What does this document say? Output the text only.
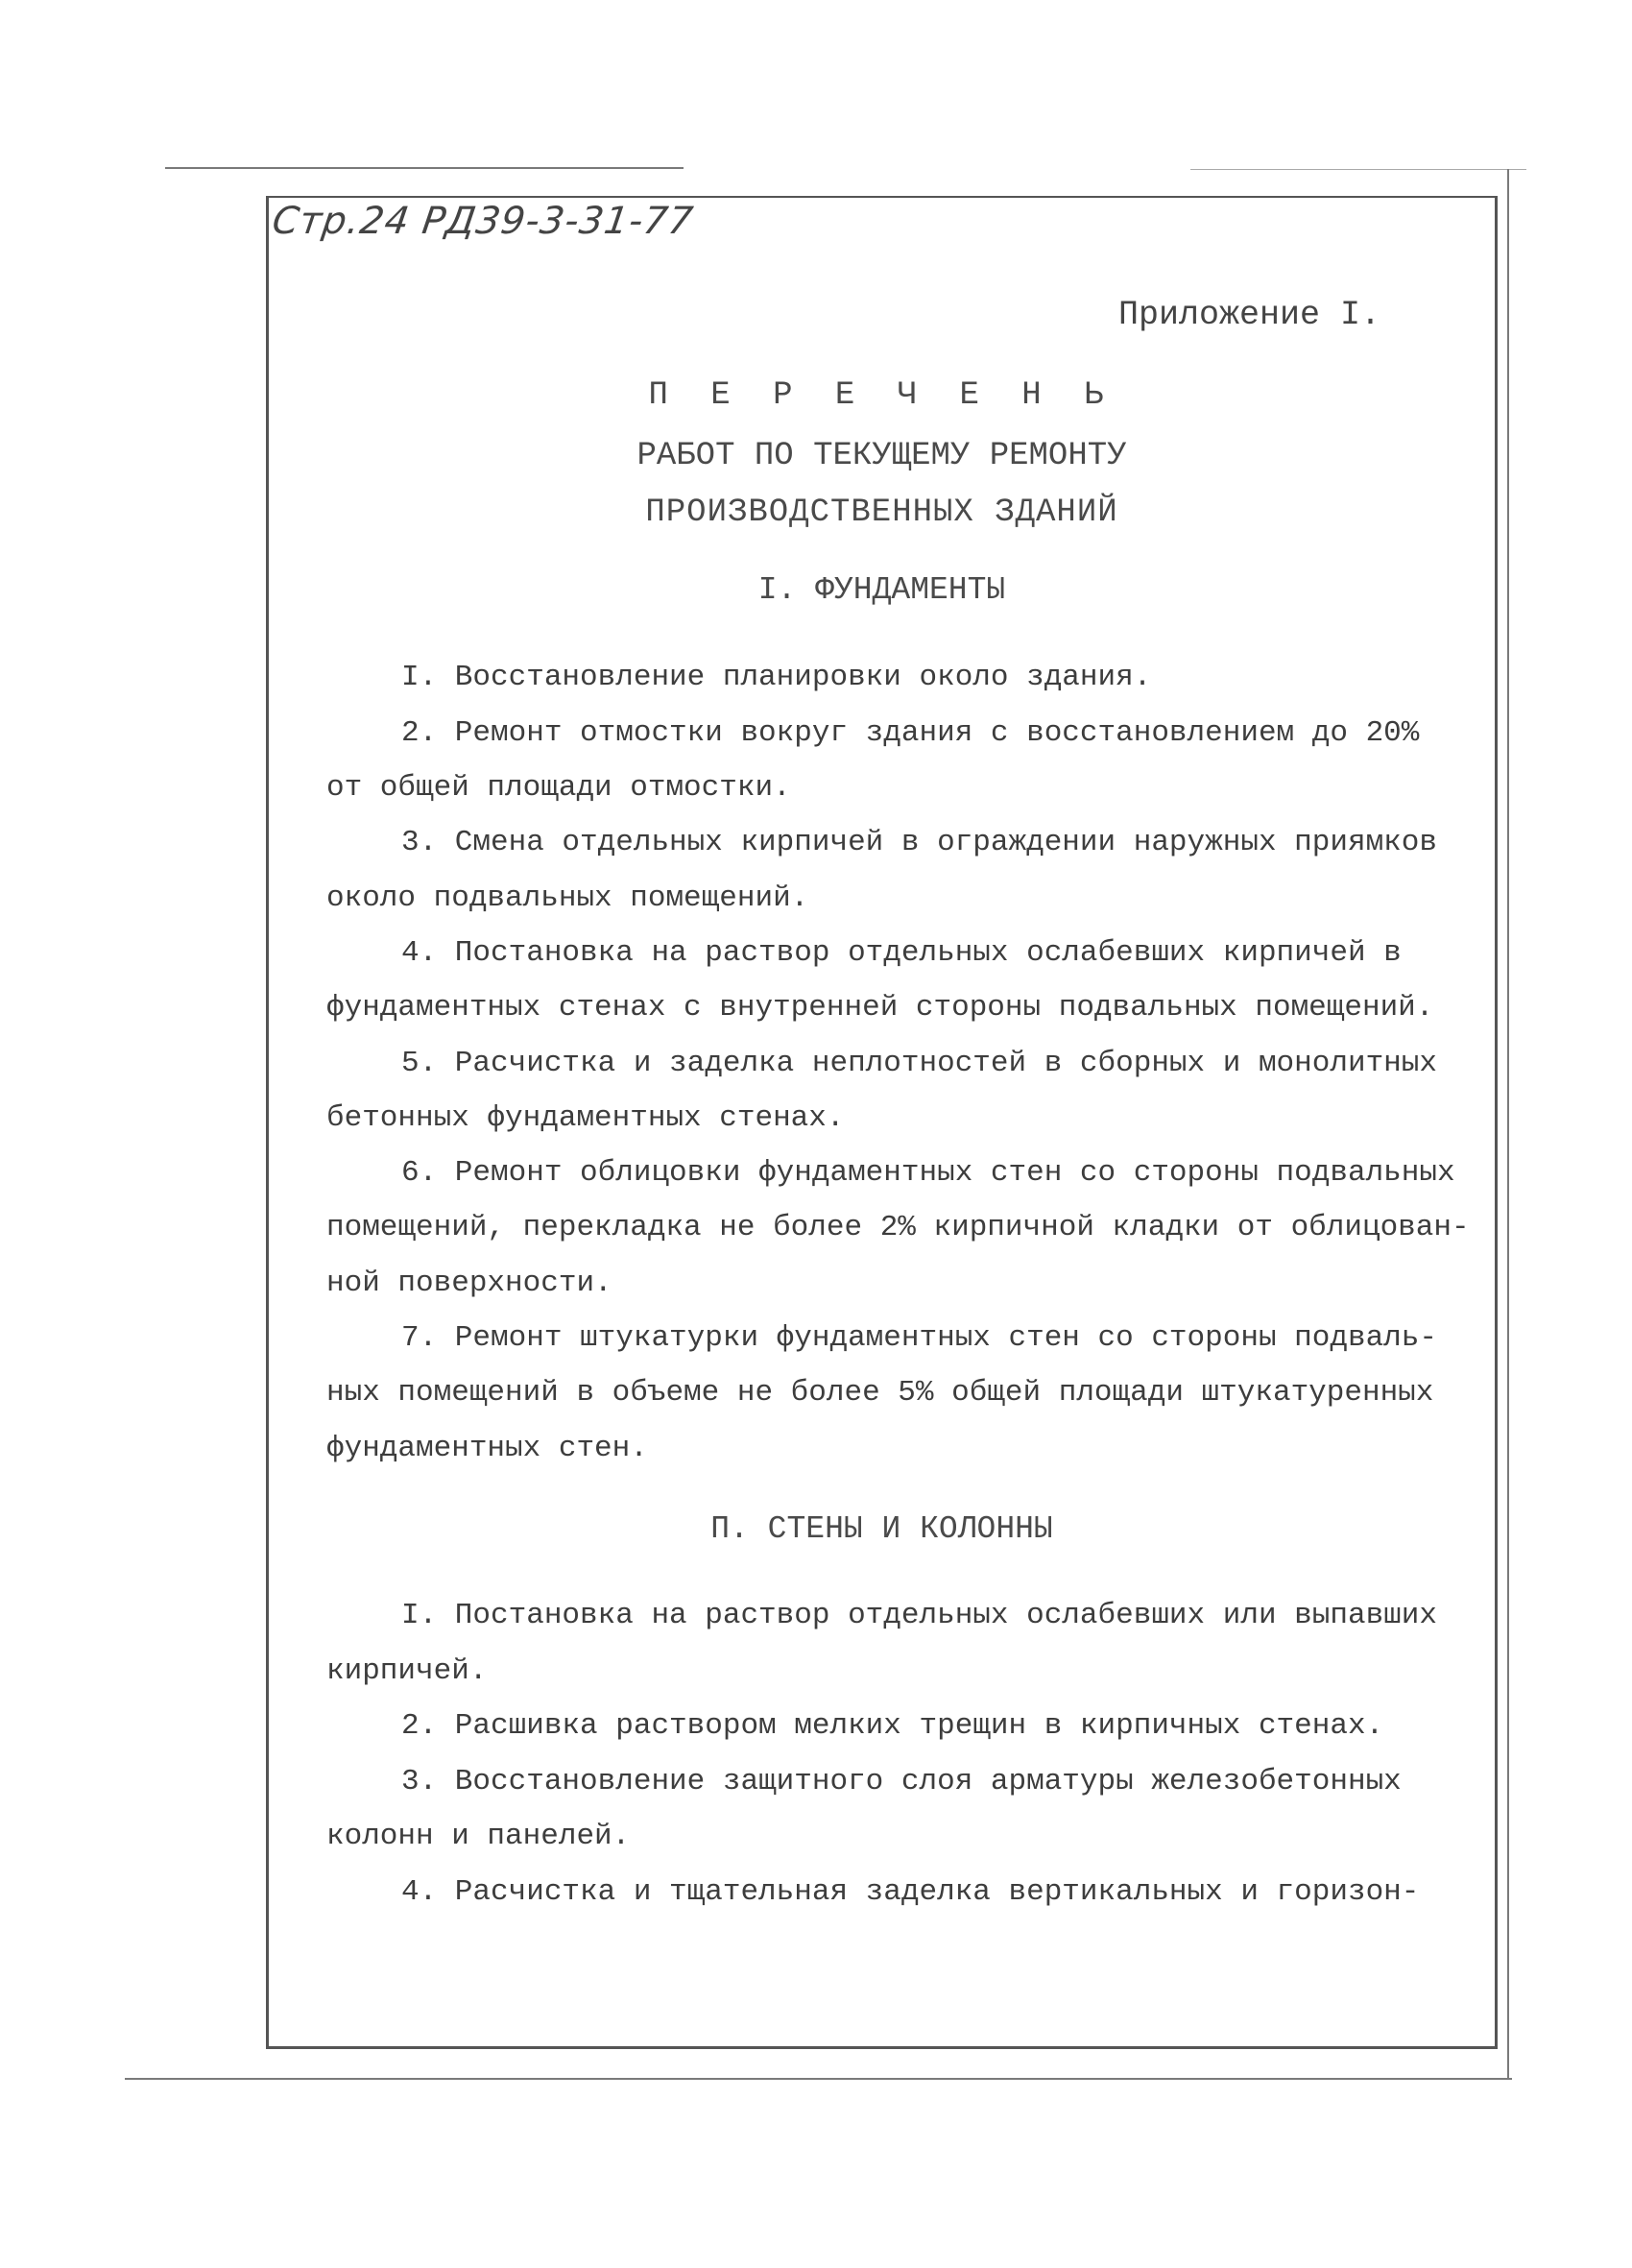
Стр.24 РД39-3-31-77
Приложение I.
П Е Р Е Ч Е Н Ь
РАБОТ ПО ТЕКУЩЕМУ РЕМОНТУ
ПРОИЗВОДСТВЕННЫХ ЗДАНИЙ
I. ФУНДАМЕНТЫ
I. Восстановление планировки около здания.
2. Ремонт отмостки вокруг здания с восстановлением до 20%
от общей площади отмостки.
3. Смена отдельных кирпичей в ограждении наружных приямков
около подвальных помещений.
4. Постановка на раствор отдельных ослабевших кирпичей в
фундаментных стенах с внутренней стороны подвальных помещений.
5. Расчистка и заделка неплотностей в сборных и монолитных
бетонных фундаментных стенах.
6. Ремонт облицовки фундаментных стен со стороны подвальных
помещений, перекладка не более 2% кирпичной кладки от облицован-
ной поверхности.
7. Ремонт штукатурки фундаментных стен со стороны подваль-
ных помещений в объеме не более 5% общей площади штукатуренных
фундаментных стен.
П. СТЕНЫ И КОЛОННЫ
I. Постановка на раствор отдельных ослабевших или выпавших
кирпичей.
2. Расшивка раствором мелких трещин в кирпичных стенах.
3. Восстановление защитного слоя арматуры железобетонных
колонн и панелей.
4. Расчистка и тщательная заделка вертикальных и горизон-
